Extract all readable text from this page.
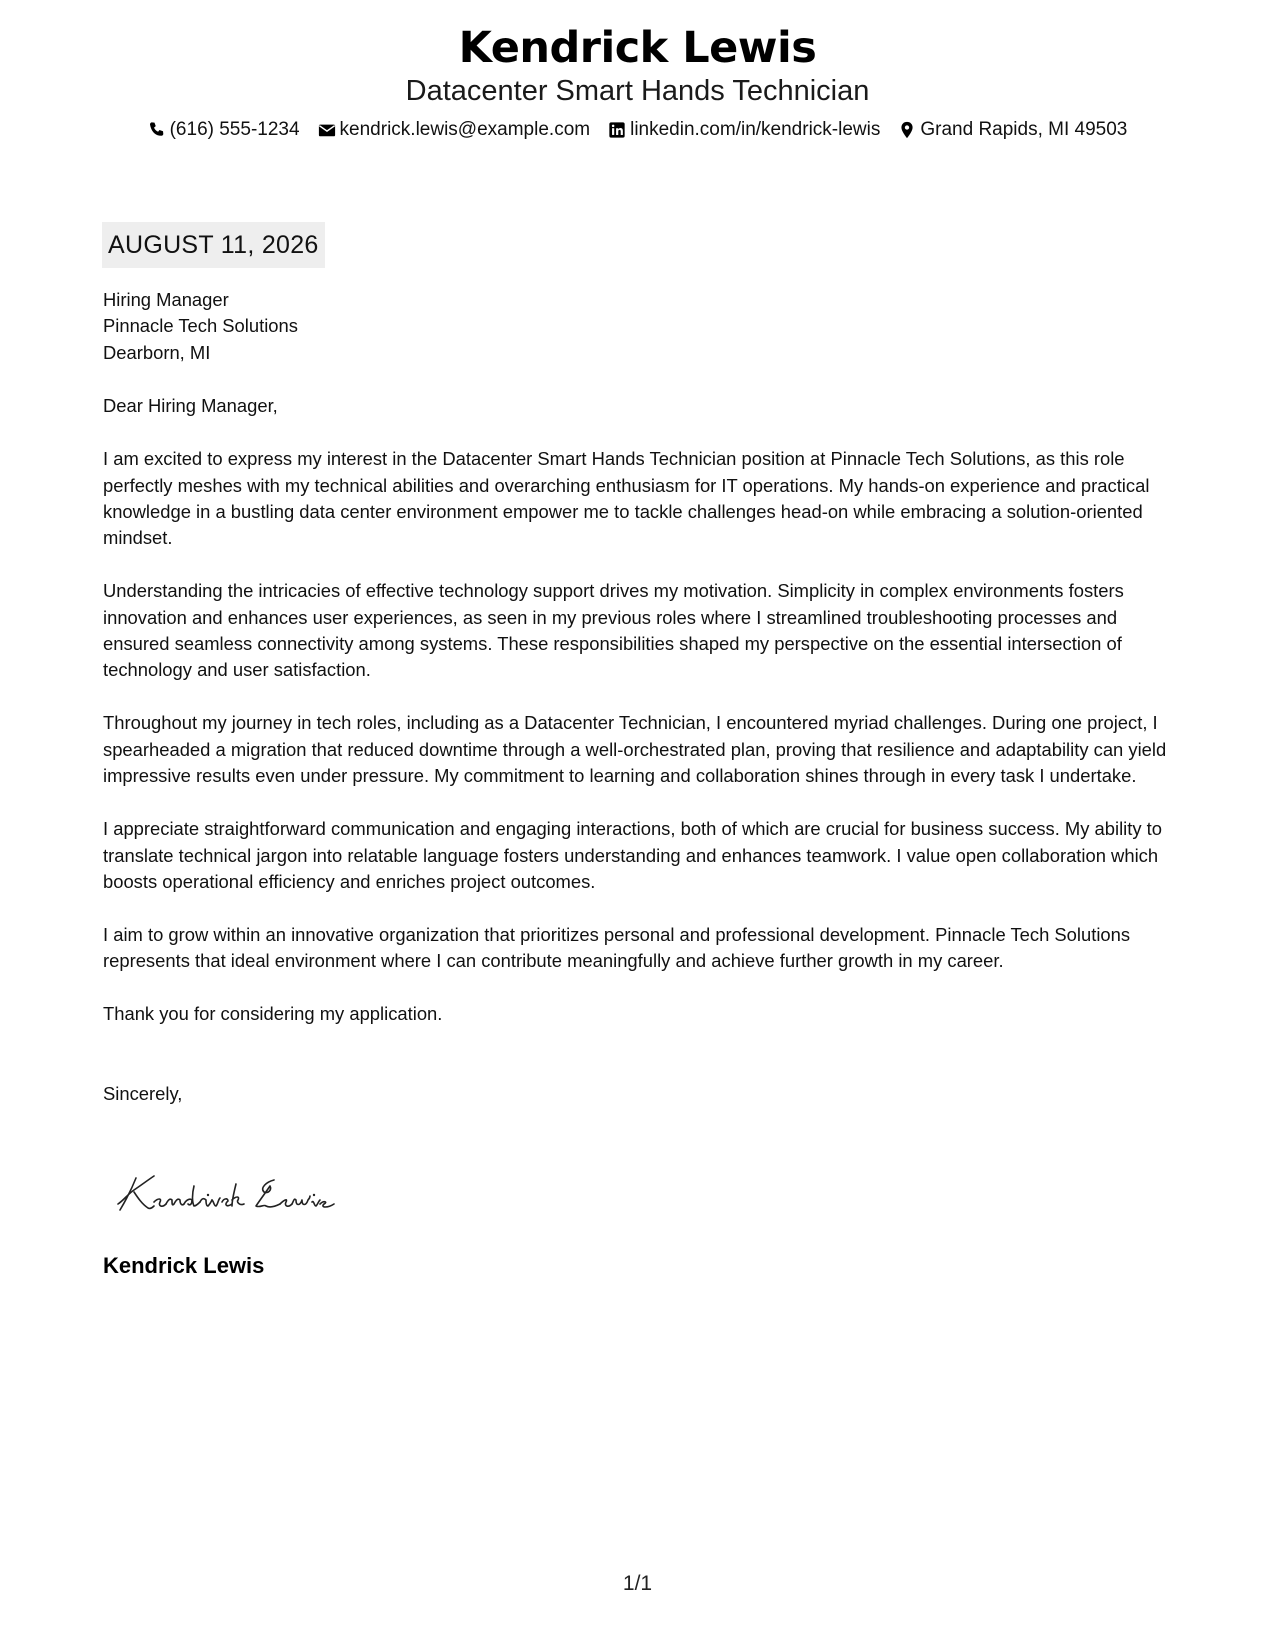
Kendrick Lewis
Datacenter Smart Hands Technician
(616) 555-1234 kendrick.lewis@example.com linkedin.com/in/kendrick-lewis Grand Rapids, MI 49503
AUGUST 11, 2026
Hiring Manager
Pinnacle Tech Solutions
Dearborn, MI
Dear Hiring Manager,
I am excited to express my interest in the Datacenter Smart Hands Technician position at Pinnacle Tech Solutions, as this role perfectly meshes with my technical abilities and overarching enthusiasm for IT operations. My hands-on experience and practical knowledge in a bustling data center environment empower me to tackle challenges head-on while embracing a solution-oriented mindset.
Understanding the intricacies of effective technology support drives my motivation. Simplicity in complex environments fosters innovation and enhances user experiences, as seen in my previous roles where I streamlined troubleshooting processes and ensured seamless connectivity among systems. These responsibilities shaped my perspective on the essential intersection of technology and user satisfaction.
Throughout my journey in tech roles, including as a Datacenter Technician, I encountered myriad challenges. During one project, I spearheaded a migration that reduced downtime through a well-orchestrated plan, proving that resilience and adaptability can yield impressive results even under pressure. My commitment to learning and collaboration shines through in every task I undertake.
I appreciate straightforward communication and engaging interactions, both of which are crucial for business success. My ability to translate technical jargon into relatable language fosters understanding and enhances teamwork. I value open collaboration which boosts operational efficiency and enriches project outcomes.
I aim to grow within an innovative organization that prioritizes personal and professional development. Pinnacle Tech Solutions represents that ideal environment where I can contribute meaningfully and achieve further growth in my career.
Thank you for considering my application.
Sincerely,
Kendrick Lewis
1/1
